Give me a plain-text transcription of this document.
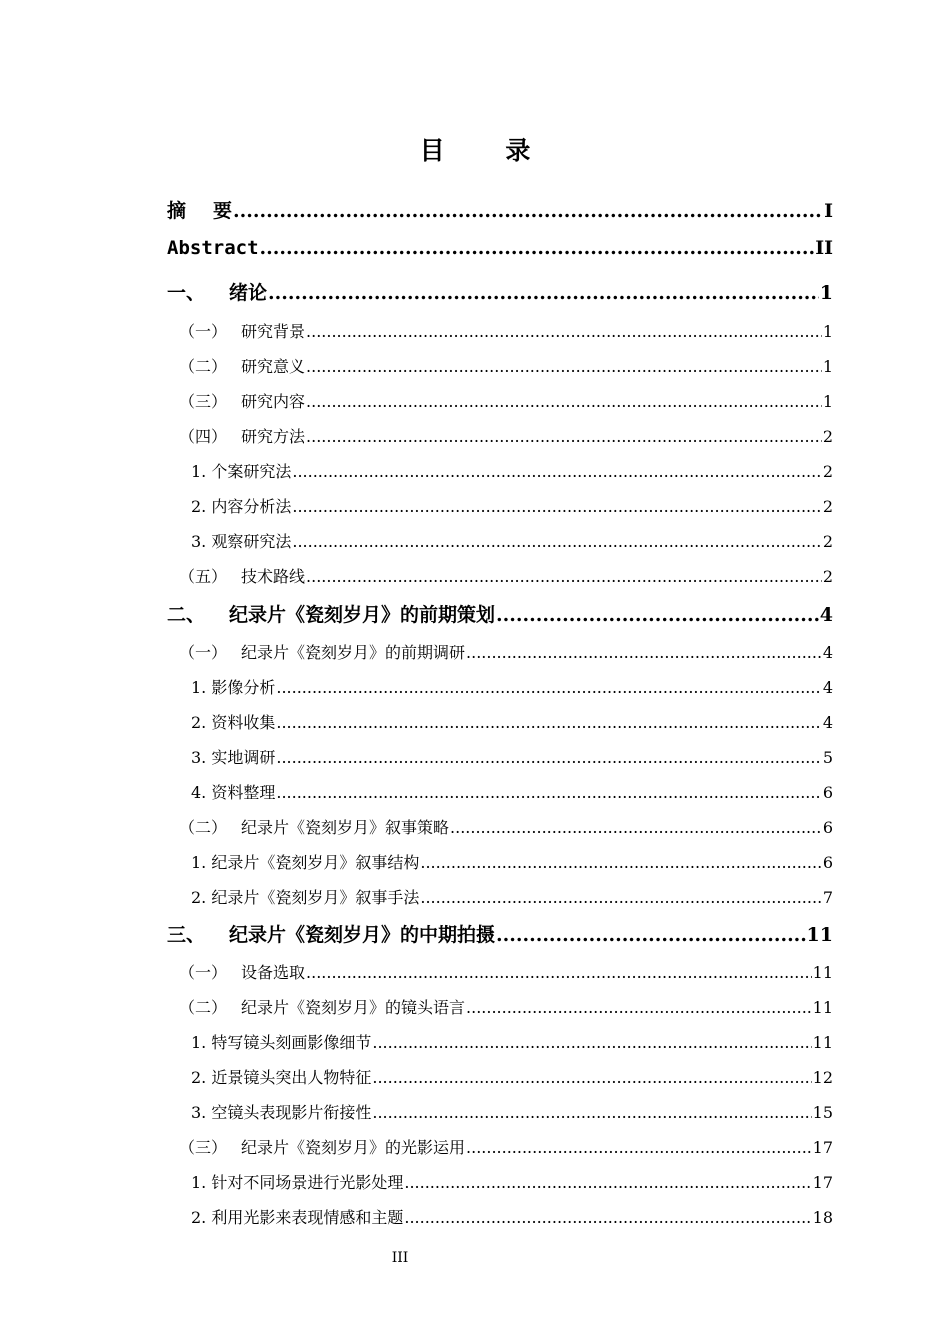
目 录
摘 要 .....	I
Abstract .....	II
一、 绪论 .....	1
（一） 研究背景 .....	1
（二） 研究意义 .....	1
（三） 研究内容 .....	1
（四） 研究方法 .....	2
1. 个案研究法 .....	2
2. 内容分析法 .....	2
3. 观察研究法 .....	2
（五） 技术路线 .....	2
二、 纪录片《瓷刻岁月》的前期策划 .....	4
（一） 纪录片《瓷刻岁月》的前期调研 .....	4
1. 影像分析 .....	4
2. 资料收集 .....	4
3. 实地调研 .....	5
4. 资料整理 .....	6
（二） 纪录片《瓷刻岁月》叙事策略 .....	6
1. 纪录片《瓷刻岁月》叙事结构 .....	6
2. 纪录片《瓷刻岁月》叙事手法 .....	7
三、 纪录片《瓷刻岁月》的中期拍摄 .....	11
（一） 设备选取 .....	11
（二） 纪录片《瓷刻岁月》的镜头语言 .....	11
1. 特写镜头刻画影像细节 .....	11
2. 近景镜头突出人物特征 .....	12
3. 空镜头表现影片衔接性 .....	15
（三） 纪录片《瓷刻岁月》的光影运用 .....	17
1. 针对不同场景进行光影处理 .....	17
2. 利用光影来表现情感和主题 .....	18
III
